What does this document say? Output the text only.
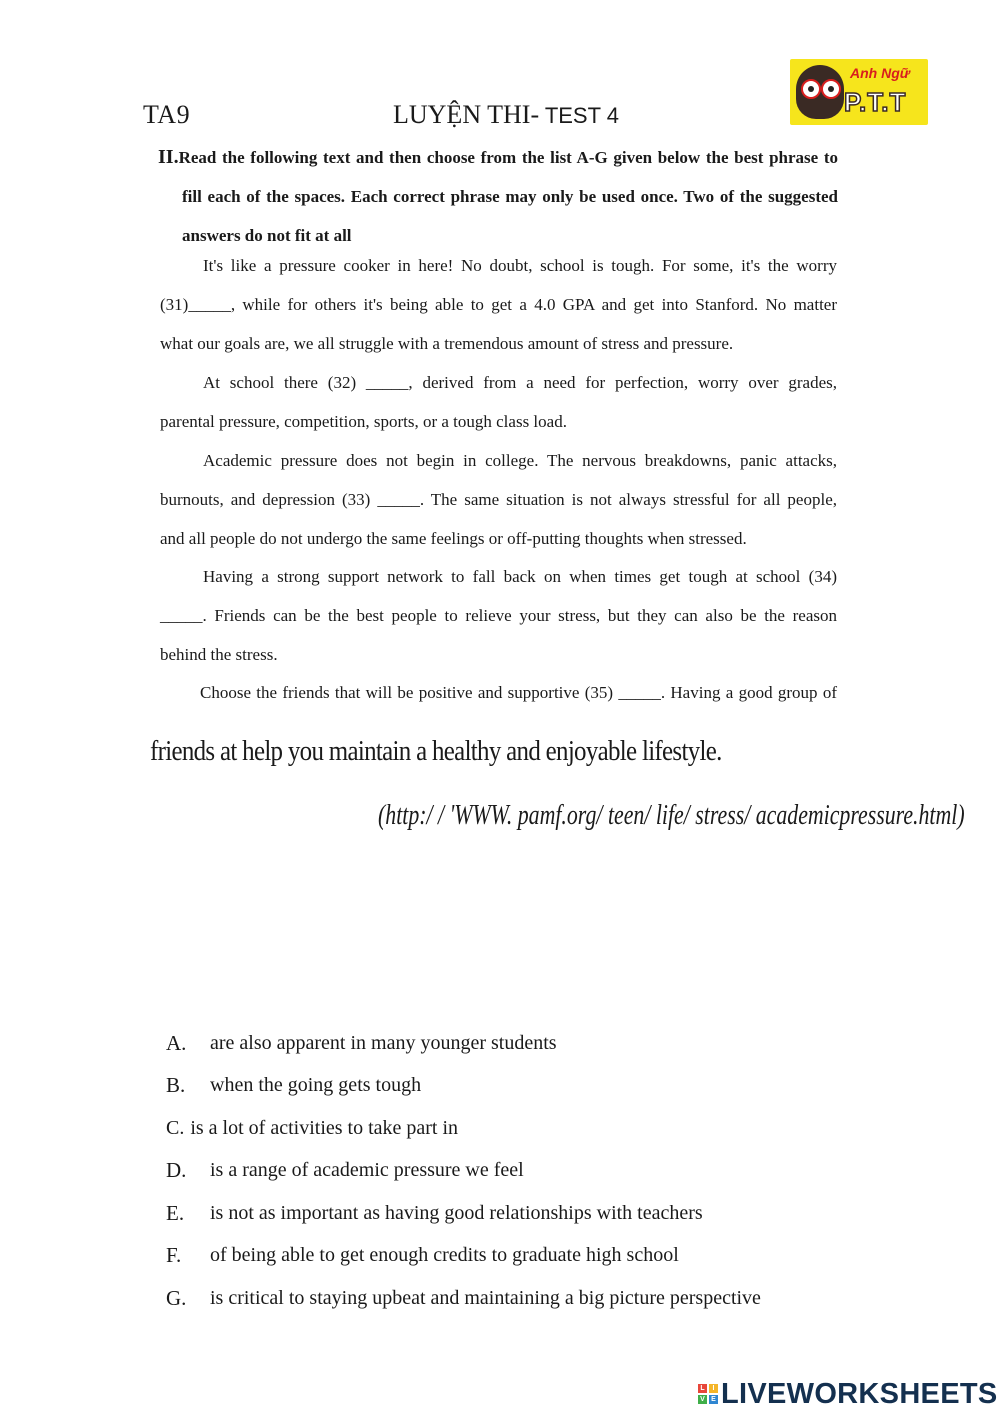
TA9	LUYỆN THI- TEST 4
Anh Ngữ
P.T.T

II.Read the following text and then choose from the list A-G given below the best phrase to

fill each of the spaces. Each correct phrase may only be used once. Two of the suggested

answers do not fit at all

It's like a pressure cooker in here! No doubt, school is tough. For some, it's the worry

(31)_____, while for others it's being able to get a 4.0 GPA and get into Stanford. No matter

what our goals are, we all struggle with a tremendous amount of stress and pressure.

At school there (32) _____, derived from a need for perfection, worry over grades,

parental pressure, competition, sports, or a tough class load.

Academic pressure does not begin in college. The nervous breakdowns, panic attacks,

burnouts, and depression (33) _____. The same situation is not always stressful for all people,

and all people do not undergo the same feelings or off-putting thoughts when stressed.

Having a strong support network to fall back on when times get tough at school (34)

_____. Friends can be the best people to relieve your stress, but they can also be the reason

behind the stress.

Choose the friends that will be positive and supportive (35) _____. Having a good group of

friends at help you maintain a healthy and enjoyable lifestyle.
(http:/ / 'WWW. pamf.org/ teen/ life/ stress/ academicpressure.html)
A.	are also apparent in many younger students
B.	when the going gets tough
C. is a lot of activities to take part in
D.	is a range of academic pressure we feel
E.	is not as important as having good relationships with teachers
F.	of being able to get enough credits to graduate high school
G.	is critical to staying upbeat and maintaining a big picture perspective
L	I
V E LIVEWORKSHEETS
